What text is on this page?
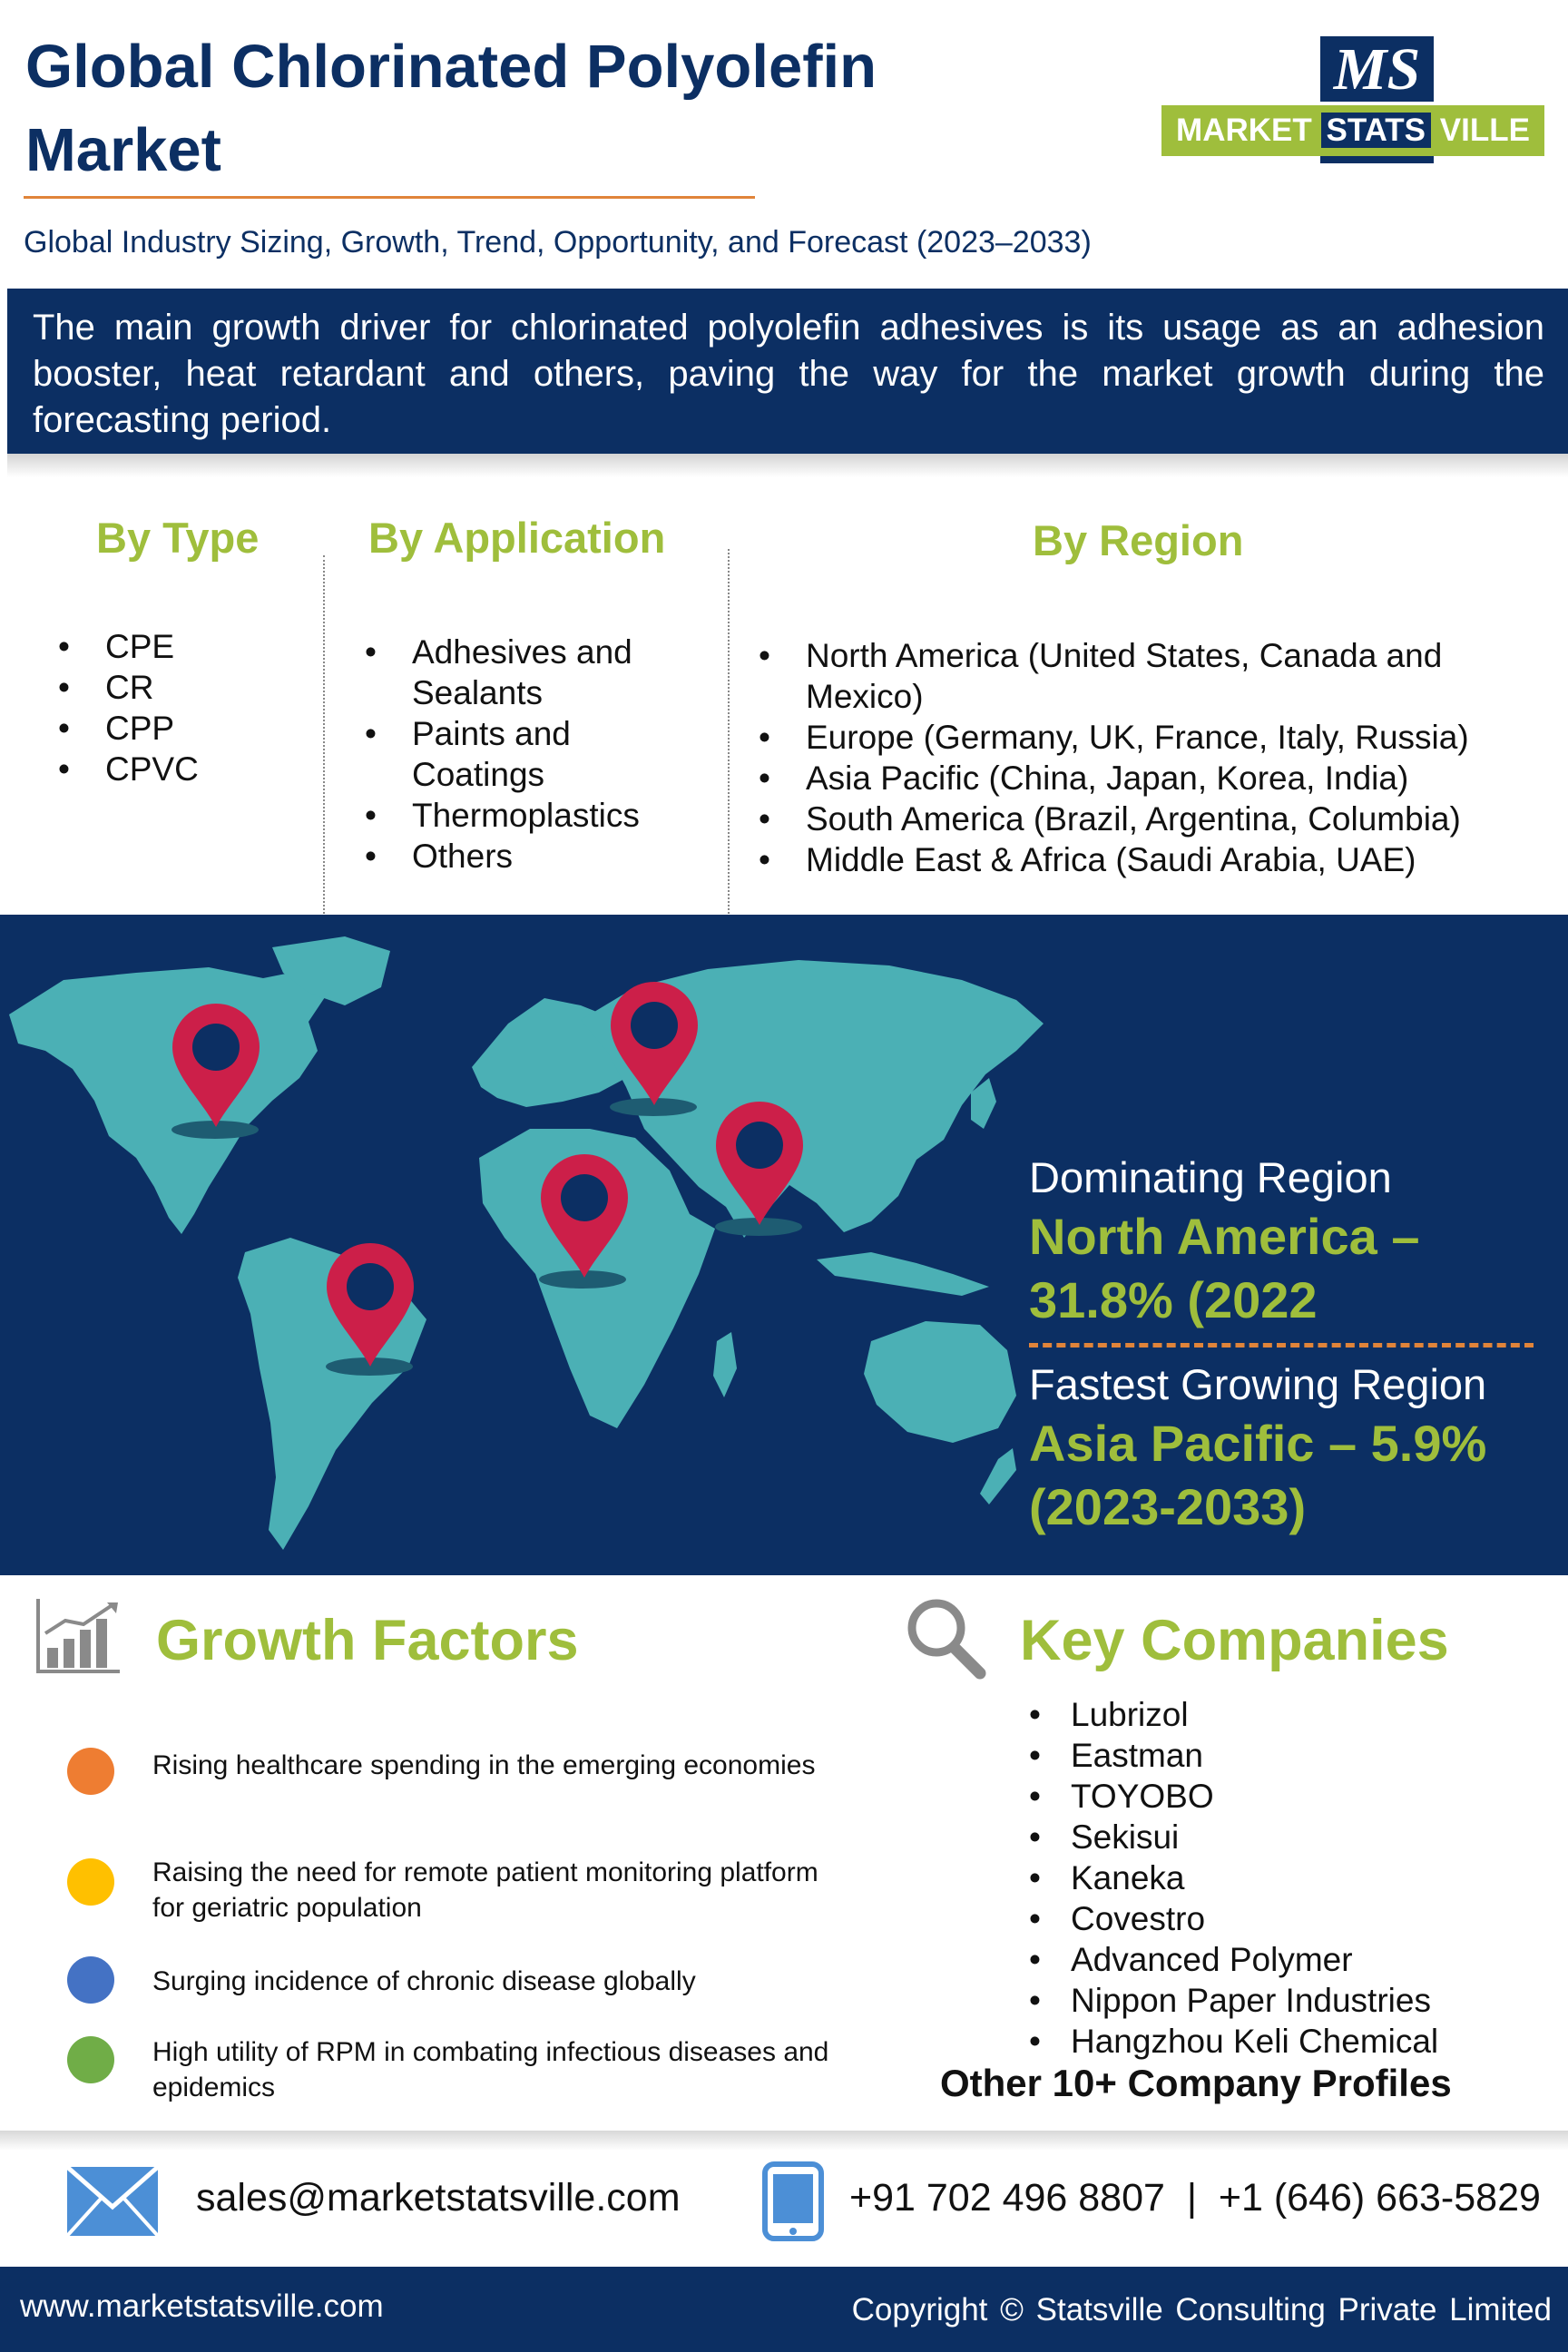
Global Chlorinated Polyolefin Market
Global Industry Sizing, Growth, Trend, Opportunity, and Forecast (2023–2033)
MS
MARKET STATS VILLE
The main growth driver for chlorinated polyolefin adhesives is its usage as an adhesion booster, heat retardant and others, paving the way for the market growth during the forecasting period.
By Type
• CPE
• CR
• CPP
• CPVC
By Application
• Adhesives and Sealants
• Paints and Coatings
• Thermoplastics
• Others
By Region
• North America (United States, Canada and Mexico)
• Europe (Germany, UK, France, Italy, Russia)
• Asia Pacific (China, Japan, Korea, India)
• South America (Brazil, Argentina, Columbia)
• Middle East & Africa (Saudi Arabia, UAE)
Dominating Region
North America – 31.8% (2022
Fastest Growing Region
Asia Pacific – 5.9% (2023-2033)
Growth Factors
Rising healthcare spending in the emerging economies
Raising the need for remote patient monitoring platform for geriatric population
Surging incidence of chronic disease globally
High utility of RPM in combating infectious diseases and epidemics
Key Companies
• Lubrizol
• Eastman
• TOYOBO
• Sekisui
• Kaneka
• Covestro
• Advanced Polymer
• Nippon Paper Industries
• Hangzhou Keli Chemical
Other 10+ Company Profiles
sales@marketstatsville.com	+91 702 496 8807  |  +1 (646) 663-5829
www.marketstatsville.com	Copyright © Statsville Consulting Private Limited
